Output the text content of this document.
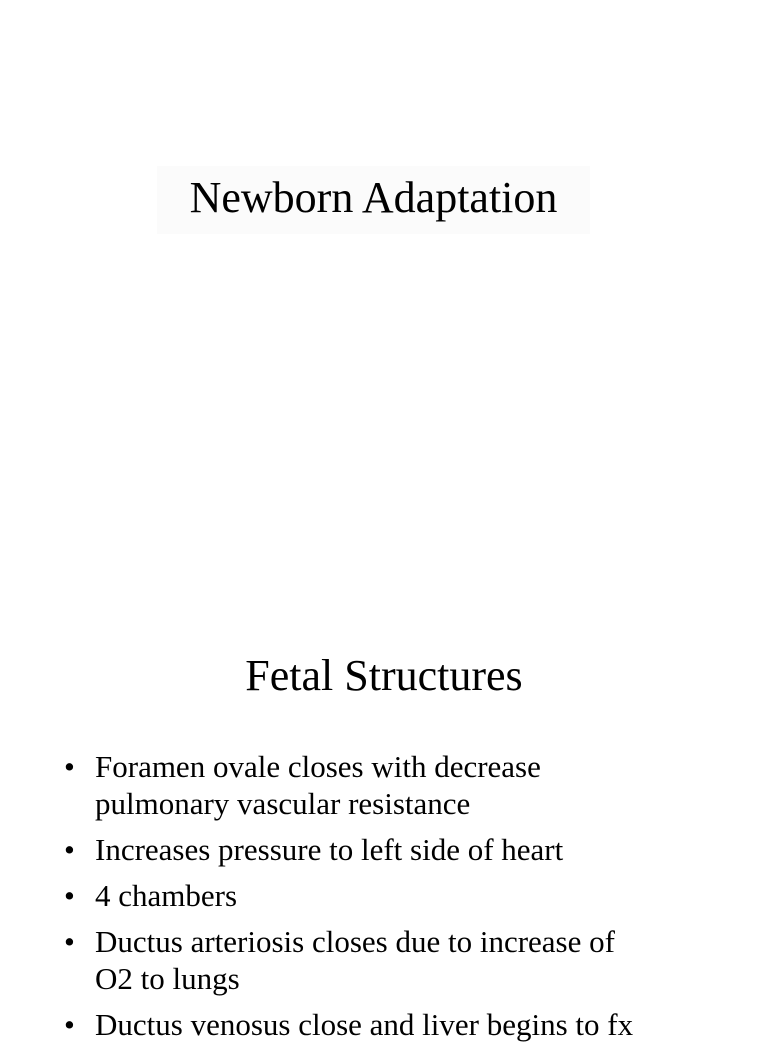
Newborn Adaptation
Fetal Structures
• Foramen ovale closes with decrease
pulmonary vascular resistance
• Increases pressure to left side of heart
• 4 chambers
• Ductus arteriosis closes due to increase of
O2 to lungs
• Ductus venosus close and liver begins to fx
